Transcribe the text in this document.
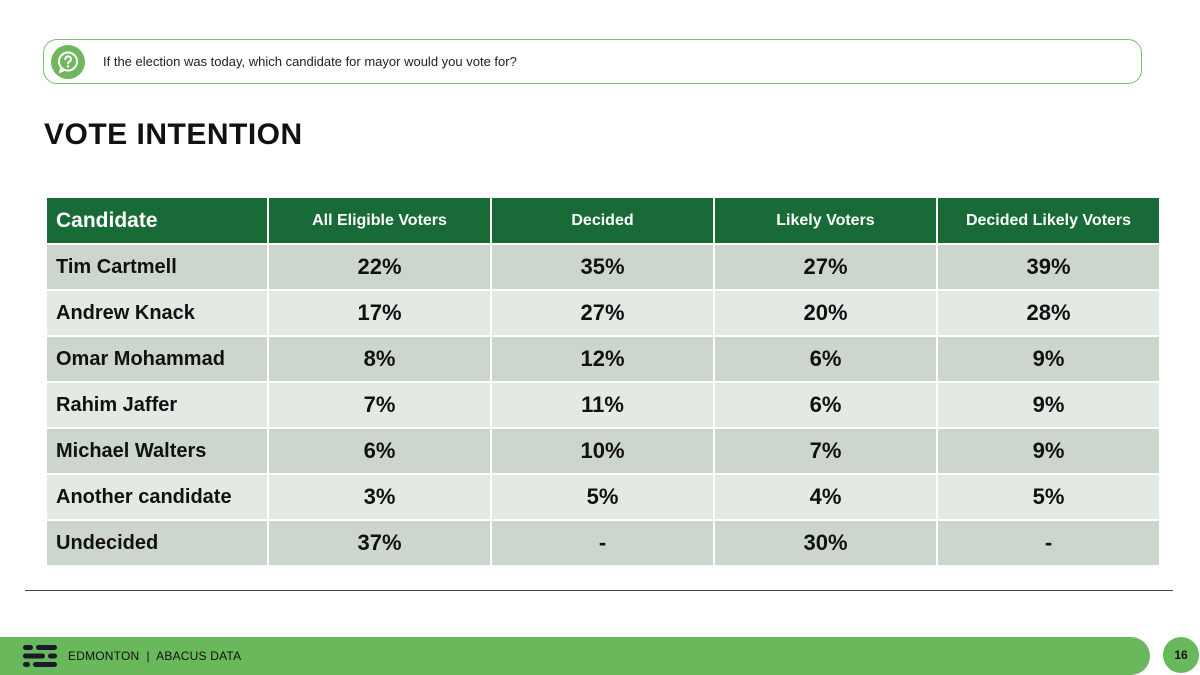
If the election was today, which candidate for mayor would you vote for?
VOTE INTENTION
Candidate	All Eligible Voters	Decided	Likely Voters	Decided Likely Voters
Tim Cartmell	22%	35%	27%	39%
Andrew Knack	17%	27%	20%	28%
Omar Mohammad	8%	12%	6%	9%
Rahim Jaffer	7%	11%	6%	9%
Michael Walters	6%	10%	7%	9%
Another candidate	3%	5%	4%	5%
Undecided	37%	-	30%	-
EDMONTON  |  ABACUS DATA	16
